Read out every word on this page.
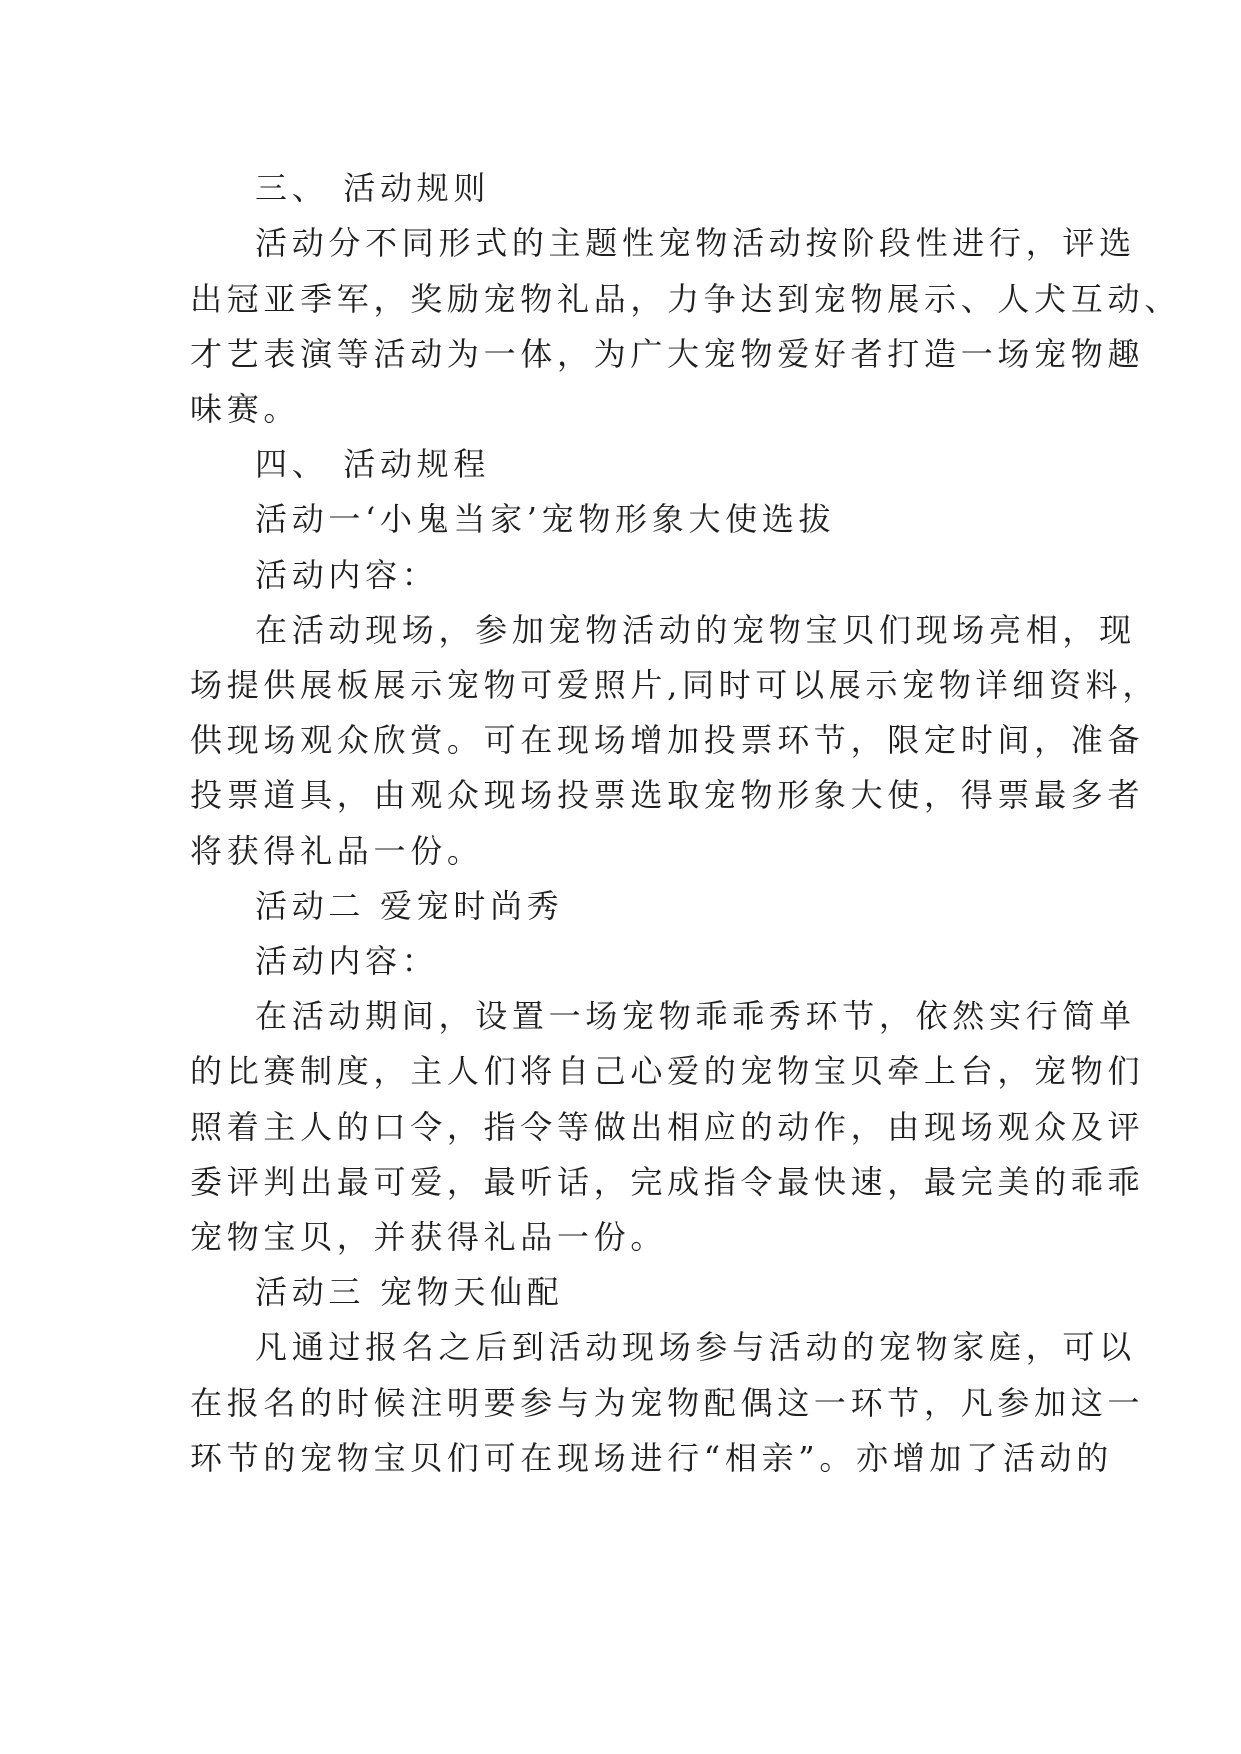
三、 活动规则
活动分不同形式的主题性宠物活动按阶段性进行，评选
出冠亚季军，奖励宠物礼品，力争达到宠物展示、人犬互动、
才艺表演等活动为一体，为广大宠物爱好者打造一场宠物趣
味赛。
四、 活动规程
活动一‘小鬼当家’宠物形象大使选拔
活动内容：
在活动现场，参加宠物活动的宠物宝贝们现场亮相，现
场提供展板展示宠物可爱照片,同时可以展示宠物详细资料，
供现场观众欣赏。可在现场增加投票环节，限定时间，准备
投票道具，由观众现场投票选取宠物形象大使，得票最多者
将获得礼品一份。
活动二 爱宠时尚秀
活动内容：
在活动期间，设置一场宠物乖乖秀环节，依然实行简单
的比赛制度，主人们将自己心爱的宠物宝贝牵上台，宠物们
照着主人的口令，指令等做出相应的动作，由现场观众及评
委评判出最可爱，最听话，完成指令最快速，最完美的乖乖
宠物宝贝，并获得礼品一份。
活动三 宠物天仙配
凡通过报名之后到活动现场参与活动的宠物家庭，可以
在报名的时候注明要参与为宠物配偶这一环节，凡参加这一
环节的宠物宝贝们可在现场进行“相亲”。亦增加了活动的
